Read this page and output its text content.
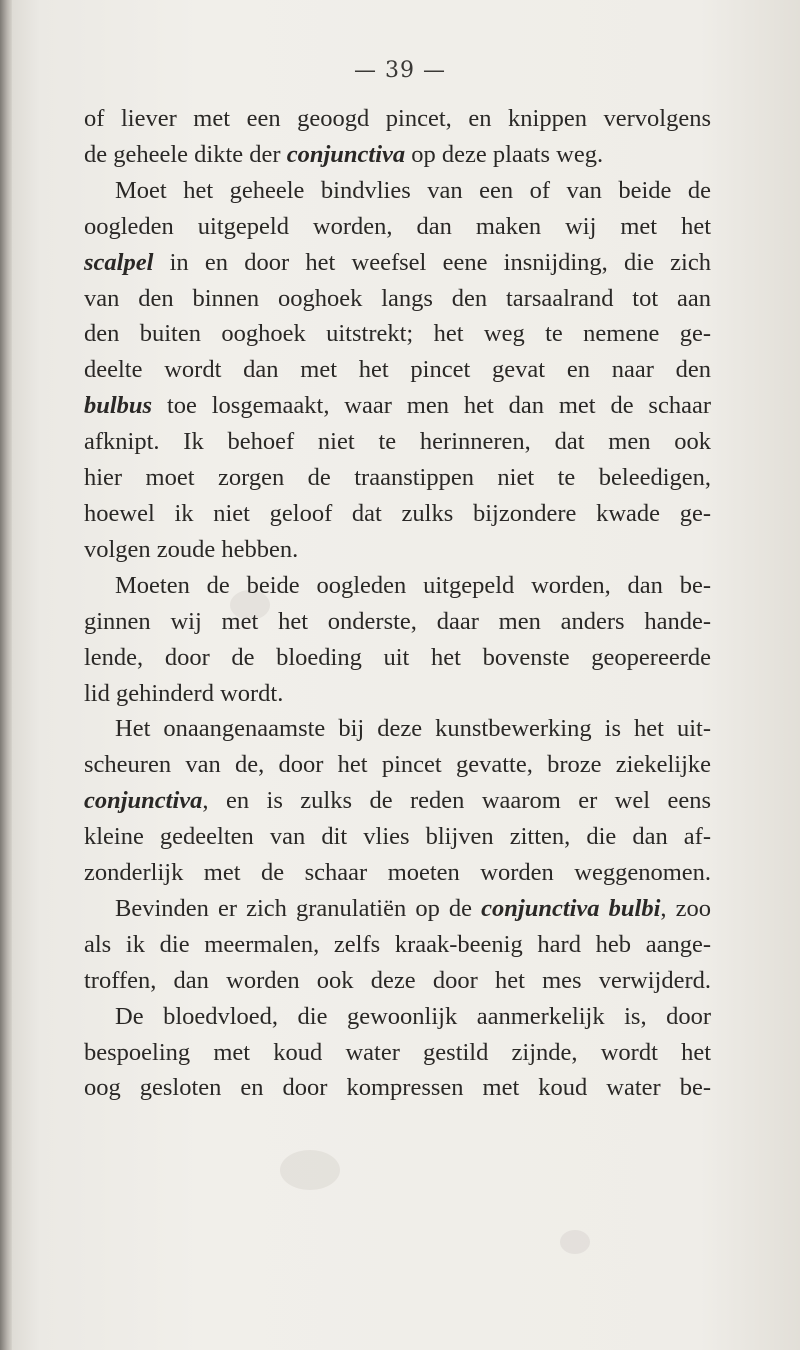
— 39 —
of liever met een geoogd pincet, en knippen vervolgens
de geheele dikte der conjunctiva op deze plaats weg.
Moet het geheele bindvlies van een of van beide de
oogleden uitgepeld worden, dan maken wij met het
scalpel in en door het weefsel eene insnijding, die zich
van den binnen ooghoek langs den tarsaalrand tot aan
den buiten ooghoek uitstrekt; het weg te nemene ge-
deelte wordt dan met het pincet gevat en naar den
bulbus toe losgemaakt, waar men het dan met de schaar
afknipt. Ik behoef niet te herinneren, dat men ook
hier moet zorgen de traanstippen niet te beleedigen,
hoewel ik niet geloof dat zulks bijzondere kwade ge-
volgen zoude hebben.
Moeten de beide oogleden uitgepeld worden, dan be-
ginnen wij met het onderste, daar men anders hande-
lende, door de bloeding uit het bovenste geopereerde
lid gehinderd wordt.
Het onaangenaamste bij deze kunstbewerking is het uit-
scheuren van de, door het pincet gevatte, broze ziekelijke
conjunctiva, en is zulks de reden waarom er wel eens
kleine gedeelten van dit vlies blijven zitten, die dan af-
zonderlijk met de schaar moeten worden weggenomen.
Bevinden er zich granulatiën op de conjunctiva bulbi, zoo
als ik die meermalen, zelfs kraak-beenig hard heb aange-
troffen, dan worden ook deze door het mes verwijderd.
De bloedvloed, die gewoonlijk aanmerkelijk is, door
bespoeling met koud water gestild zijnde, wordt het
oog gesloten en door kompressen met koud water be-
